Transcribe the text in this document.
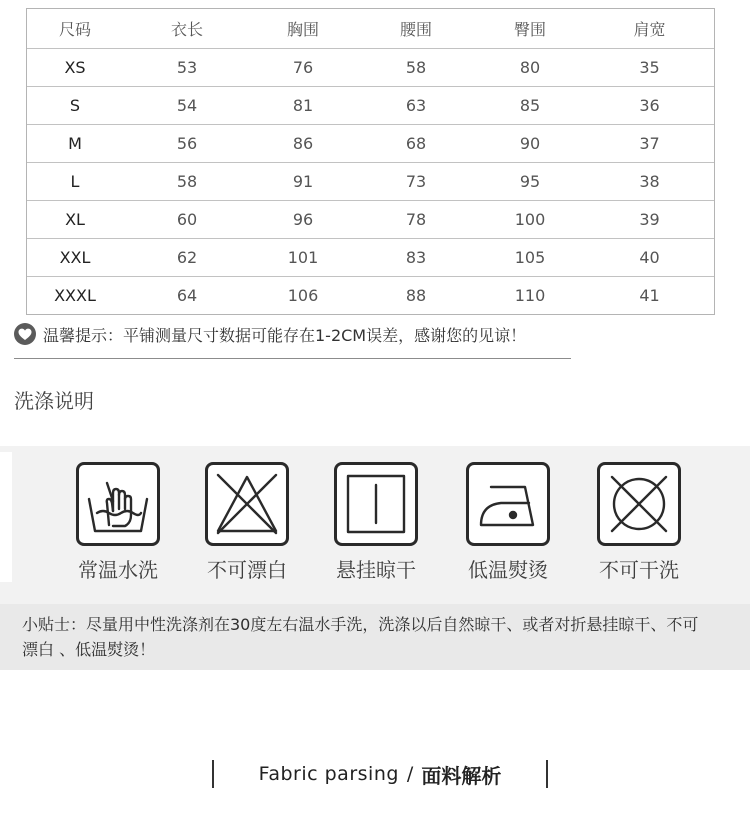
尺码	衣长	胸围	腰围	臀围	肩宽
XS	53	76	58	80	35
S	54	81	63	85	36
M	56	86	68	90	37
L	58	91	73	95	38
XL	60	96	78	100	39
XXL	62	101	83	105	40
XXXL	64	106	88	110	41
温馨提示：平铺测量尺寸数据可能存在1-2CM误差，感谢您的见谅！
洗涤说明
常温水洗 不可漂白 悬挂晾干	低温熨烫	不可干洗
小贴士：尽量用中性洗涤剂在30度左右温水手洗，洗涤以后自然晾干、或者对折悬挂晾干、不可漂白 、低温熨烫！
Fabric parsing / 面料解析
